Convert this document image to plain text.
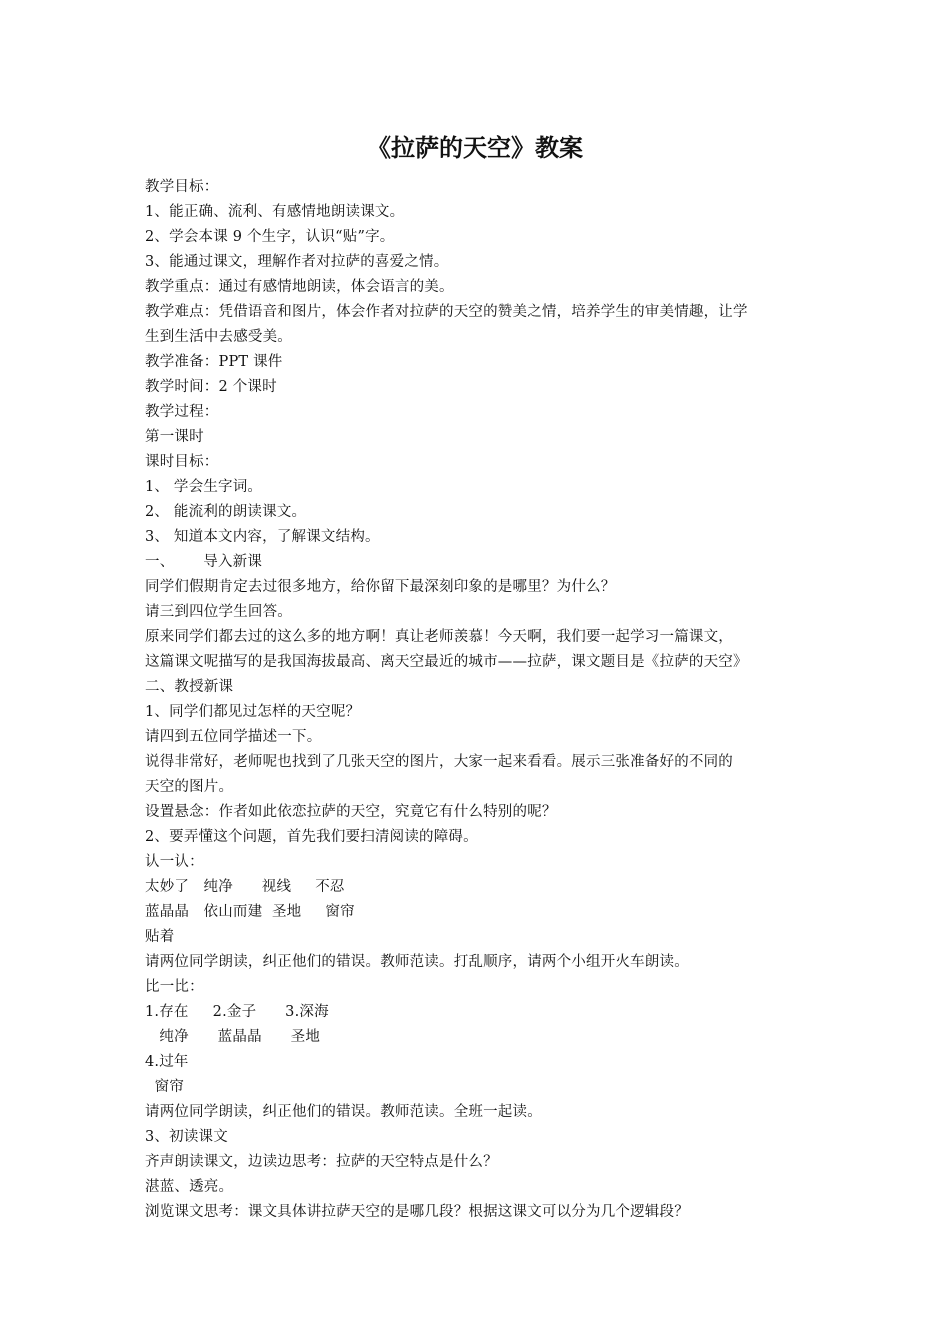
《拉萨的天空》教案
教学目标：
1、能正确、流利、有感情地朗读课文。
2、学会本课 9 个生字，认识“贴”字。
3、能通过课文，理解作者对拉萨的喜爱之情。
教学重点：通过有感情地朗读，体会语言的美。
教学难点：凭借语音和图片，体会作者对拉萨的天空的赞美之情，培养学生的审美情趣，让学
生到生活中去感受美。
教学准备：PPT 课件
教学时间：2 个课时
教学过程：
第一课时
课时目标：
1、 学会生字词。
2、 能流利的朗读课文。
3、 知道本文内容，了解课文结构。
一、      导入新课
同学们假期肯定去过很多地方，给你留下最深刻印象的是哪里？为什么？
请三到四位学生回答。
原来同学们都去过的这么多的地方啊！真让老师羡慕！今天啊，我们要一起学习一篇课文，
这篇课文呢描写的是我国海拔最高、离天空最近的城市——拉萨，课文题目是《拉萨的天空》
二、教授新课
1、同学们都见过怎样的天空呢？
请四到五位同学描述一下。
说得非常好，老师呢也找到了几张天空的图片，大家一起来看看。展示三张准备好的不同的
天空的图片。
设置悬念：作者如此依恋拉萨的天空，究竟它有什么特别的呢？
2、要弄懂这个问题，首先我们要扫清阅读的障碍。
认一认：
太妙了   纯净      视线     不忍
蓝晶晶   依山而建  圣地     窗帘
贴着
请两位同学朗读，纠正他们的错误。教师范读。打乱顺序，请两个小组开火车朗读。
比一比：
1.存在     2.金子      3.深海
纯净      蓝晶晶      圣地
4.过年
窗帘
请两位同学朗读，纠正他们的错误。教师范读。全班一起读。
3、初读课文
齐声朗读课文，边读边思考：拉萨的天空特点是什么？
湛蓝、透亮。
浏览课文思考：课文具体讲拉萨天空的是哪几段？根据这课文可以分为几个逻辑段？
